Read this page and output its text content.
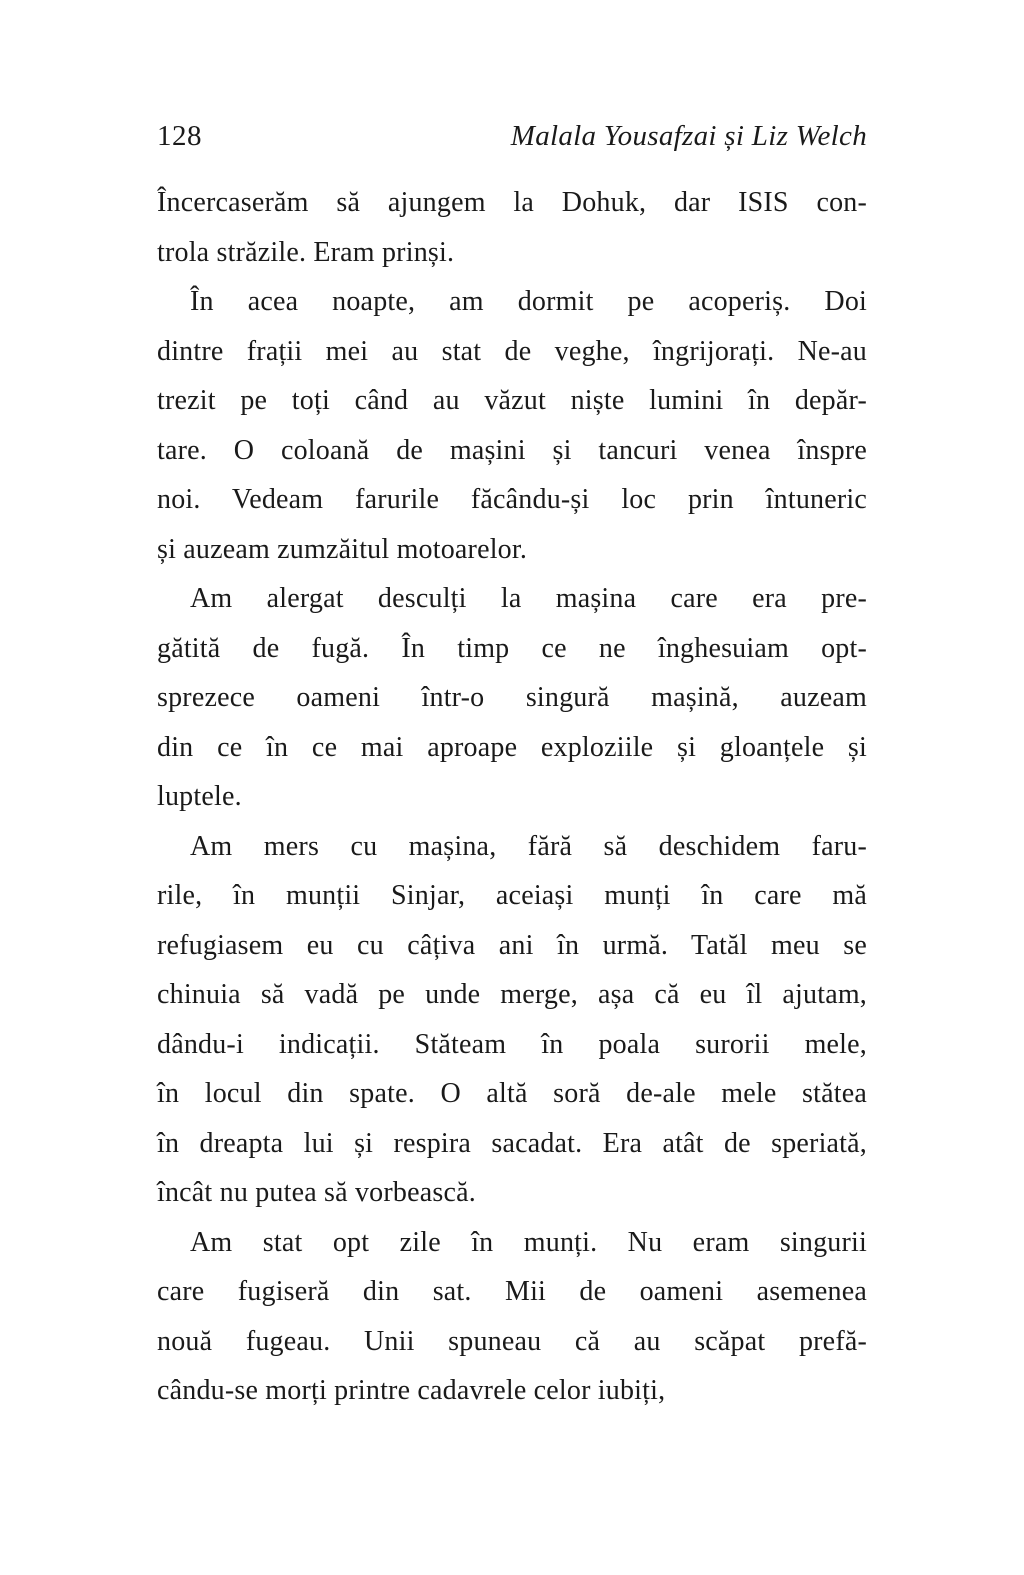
128	Malala Yousafzai și Liz Welch
Încercaserăm să ajungem la Dohuk, dar ISIS con-
trola străzile. Eram prinși.
În acea noapte, am dormit pe acoperiș. Doi
dintre frații mei au stat de veghe, îngrijorați. Ne-au
trezit pe toți când au văzut niște lumini în depăr-
tare. O coloană de mașini și tancuri venea înspre
noi. Vedeam farurile făcându-și loc prin întuneric
și auzeam zumzăitul motoarelor.
Am alergat desculți la mașina care era pre-
gătită de fugă. În timp ce ne înghesuiam opt-
sprezece oameni într-o singură mașină, auzeam
din ce în ce mai aproape exploziile și gloanțele și
luptele.
Am mers cu mașina, fără să deschidem faru-
rile, în munții Sinjar, aceiași munți în care mă
refugiasem eu cu câțiva ani în urmă. Tatăl meu se
chinuia să vadă pe unde merge, așa că eu îl ajutam,
dându-i indicații. Stăteam în poala surorii mele,
în locul din spate. O altă soră de-ale mele stătea
în dreapta lui și respira sacadat. Era atât de speriată,
încât nu putea să vorbească.
Am stat opt zile în munți. Nu eram singurii
care fugiseră din sat. Mii de oameni asemenea
nouă fugeau. Unii spuneau că au scăpat prefă-
cându-se morți printre cadavrele celor iubiți,
